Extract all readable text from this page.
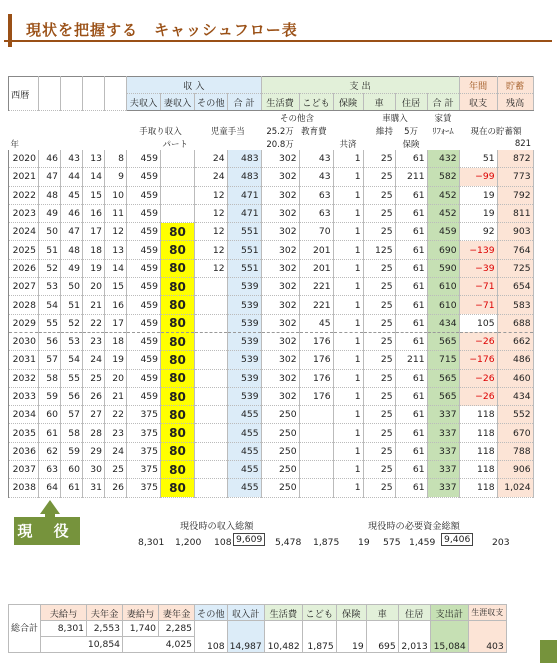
現状を把握する　キャッシュフロー表
西暦					収 入				支 出						年間	貯蓄
					夫収入	妻収入	その他	合 計	生活費	こども	保険	車	住居	合 計	収支	残高
									その他含			車購入		家賃		
					手取り収入		児童手当		25.2万	教育費		維持	5万	ﾘﾌｫｰﾑ	現在の貯蓄額	
年						パート			20.8万		共済		保険			821
2020	46	43	13	8	459		24	483	302	43	1	25	61	432	51	872
2021	47	44	14	9	459		24	483	302	43	1	25	211	582	−99	773
2022	48	45	15	10	459		12	471	302	63	1	25	61	452	19	792
2023	49	46	16	11	459		12	471	302	63	1	25	61	452	19	811
2024	50	47	17	12	459	80	12	551	302	70	1	25	61	459	92	903
2025	51	48	18	13	459	80	12	551	302	201	1	125	61	690	−139	764
2026	52	49	19	14	459	80	12	551	302	201	1	25	61	590	−39	725
2027	53	50	20	15	459	80		539	302	221	1	25	61	610	−71	654
2028	54	51	21	16	459	80		539	302	221	1	25	61	610	−71	583
2029	55	52	22	17	459	80		539	302	45	1	25	61	434	105	688
2030	56	53	23	18	459	80		539	302	176	1	25	61	565	−26	662
2031	57	54	24	19	459	80		539	302	176	1	25	211	715	−176	486
2032	58	55	25	20	459	80		539	302	176	1	25	61	565	−26	460
2033	59	56	26	21	459	80		539	302	176	1	25	61	565	−26	434
2034	60	57	27	22	375	80		455	250		1	25	61	337	118	552
2035	61	58	28	23	375	80		455	250		1	25	61	337	118	670
2036	62	59	29	24	375	80		455	250		1	25	61	337	118	788
2037	63	60	30	25	375	80		455	250		1	25	61	337	118	906
2038	64	61	31	26	375	80		455	250		1	25	61	337	118	1,024
現 役	現役時の収入総額	現役時の必要資金総額
8,301 1,200 108 9,609	5,478 1,875 19 575 1,459 9,406	203
総合計	夫給与	夫年金	妻給与	妻年金	その他	収入計	生活費	こども	保険	車	住居	支出計	生涯収支
	8,301	2,553	1,740	2,285	108	14,987	10,482	1,875	19	695	2,013	15,084	403
	10,854		4,025										
